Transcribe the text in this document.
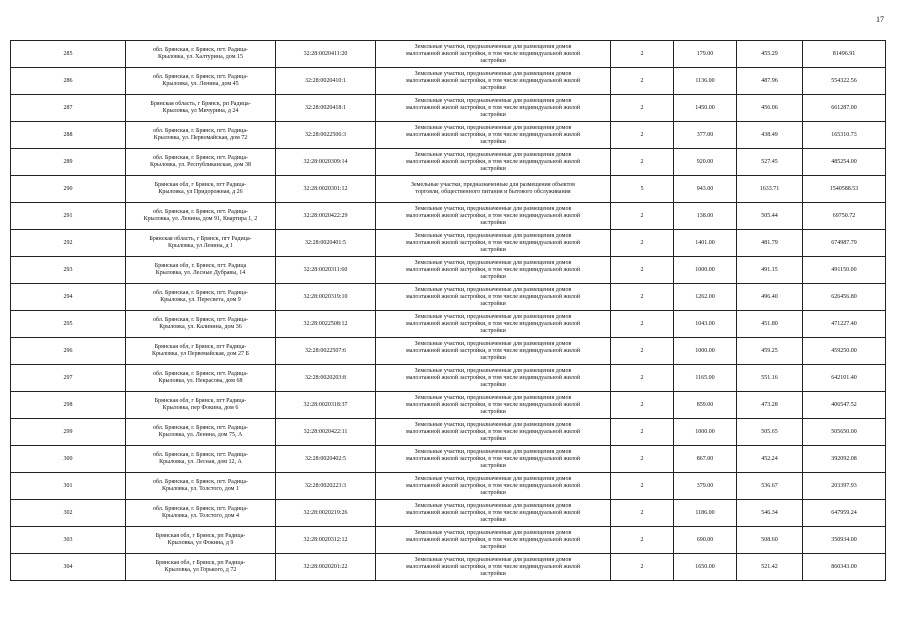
17
285	обл. Брянская, г. Брянск, пгт. Радица-
Крыловка, ул. Халтурина, дом 15	32:28:0020411:20	Земельные участки, предназначенные для размещения домов
малоэтажной жилой застройки, в том числе индивидуальной жилой
застройки	2	179.00	455.29	81496.91
286	обл. Брянская, г. Брянск, пгт. Радица-
Крыловка, ул. Ленина, дом 45	32:28:0020410:1	Земельные участки, предназначенные для размещения домов
малоэтажной жилой застройки, в том числе индивидуальной жилой
застройки	2	1136.00	487.96	554322.56
287	Брянская область, г Брянск, рп Радица-
Крыловка, ул Мичурина, д 24	32:28:0020418:1	Земельные участки, предназначенные для размещения домов
малоэтажной жилой застройки, в том числе индивидуальной жилой
застройки	2	1450.00	456.06	661287.00
288	обл. Брянская, г. Брянск, пгт. Радица-
Крыловка, ул. Первомайская, дом 72	32:28:0022506:3	Земельные участки, предназначенные для размещения домов
малоэтажной жилой застройки, в том числе индивидуальной жилой
застройки	2	377.00	438.49	165310.73
289	обл. Брянская, г. Брянск, пгт. Радица-
Крыловка, ул. Республиканская, дом 38	32:28:0020309:14	Земельные участки, предназначенные для размещения домов
малоэтажной жилой застройки, в том числе индивидуальной жилой
застройки	2	920.00	527.45	485254.00
290	Брянская обл, г Брянск, пгт Радица-
Крыловка, ул Придорожная, д 26	32:28:0020301:12	Земельные участки, предназначенные для размещения объектов
торговли, общественного питания и бытового обслуживания	5	943.00	1633.71	1540588.53
291	обл. Брянская, г. Брянск, пгт. Радица-
Крыловка, ул. Ленина, дом 91, Квартира 1, 2	32:28:0020422:29	Земельные участки, предназначенные для размещения домов
малоэтажной жилой застройки, в том числе индивидуальной жилой
застройки	2	138.00	505.44	69750.72
292	Брянская область, г Брянск, пгт Радица-
Крыловка, ул Ленина, д 1	32:28:0020401:5	Земельные участки, предназначенные для размещения домов
малоэтажной жилой застройки, в том числе индивидуальной жилой
застройки	2	1401.00	481.79	674987.79
293	Брянская обл, г. Брянск, пгт. Радица
Крыловка, ул. Лесные Дубравы, 14	32:28:0020311:60	Земельные участки, предназначенные для размещения домов
малоэтажной жилой застройки, в том числе индивидуальной жилой
застройки	2	1000.00	491.15	491150.00
294	обл. Брянская, г. Брянск, пгт. Радица-
Крыловка, ул. Пересвета, дом 9	32:28:0020319:10	Земельные участки, предназначенные для размещения домов
малоэтажной жилой застройки, в том числе индивидуальной жилой
застройки	2	1262.00	496.40	626456.80
295	обл. Брянская, г. Брянск, пгт. Радица-
Крыловка, ул. Калинина, дом 36	32:28:0022508:12	Земельные участки, предназначенные для размещения домов
малоэтажной жилой застройки, в том числе индивидуальной жилой
застройки	2	1043.00	451.80	471227.40
296	Брянская обл, г Брянск, пгт Радица-
Крыловка, ул Первомайская, дом 27 Б	32:28:0022507:6	Земельные участки, предназначенные для размещения домов
малоэтажной жилой застройки, в том числе индивидуальной жилой
застройки	2	1000.00	459.25	459250.00
297	обл. Брянская, г. Брянск, пгт. Радица-
Крыловка, ул. Некрасова, дом 68	32:28:0020203:8	Земельные участки, предназначенные для размещения домов
малоэтажной жилой застройки, в том числе индивидуальной жилой
застройки	2	1165.00	551.16	642101.40
298	Брянская обл, г Брянск, пгт Радица-
Крыловка, пер Фокина, дом 6	32:28:0020318:37	Земельные участки, предназначенные для размещения домов
малоэтажной жилой застройки, в том числе индивидуальной жилой
застройки	2	859.00	473.28	406547.52
299	обл. Брянская, г. Брянск, пгт. Радица-
Крыловка, ул. Ленина, дом 75, А	32:28:0020422:11	Земельные участки, предназначенные для размещения домов
малоэтажной жилой застройки, в том числе индивидуальной жилой
застройки	2	1000.00	505.65	505650.00
300	обл. Брянская, г. Брянск, пгт. Радица-
Крыловка, ул. Лесная, дом 12, А	32:28:0020402:5	Земельные участки, предназначенные для размещения домов
малоэтажной жилой застройки, в том числе индивидуальной жилой
застройки	2	867.00	452.24	392092.08
301	обл. Брянская, г. Брянск, пгт. Радица-
Крыловка, ул. Толстого, дом 1	32:28:0020223:3	Земельные участки, предназначенные для размещения домов
малоэтажной жилой застройки, в том числе индивидуальной жилой
застройки	2	379.00	536.67	203397.93
302	обл. Брянская, г. Брянск, пгт. Радица-
Крыловка, ул. Толстого, дом 4	32:28:0020219:26	Земельные участки, предназначенные для размещения домов
малоэтажной жилой застройки, в том числе индивидуальной жилой
застройки	2	1186.00	546.34	647959.24
303	Брянская обл, г Брянск, рп Радица-
Крыловка, ул Фокина, д 9	32:28:0020312:12	Земельные участки, предназначенные для размещения домов
малоэтажной жилой застройки, в том числе индивидуальной жилой
застройки	2	690.00	508.60	350934.00
304	Брянская обл, г Брянск, рп Радица-
Крыловка, ул Горького, д 72	32:28:0020201:22	Земельные участки, предназначенные для размещения домов
малоэтажной жилой застройки, в том числе индивидуальной жилой
застройки	2	1650.00	521.42	860343.00
